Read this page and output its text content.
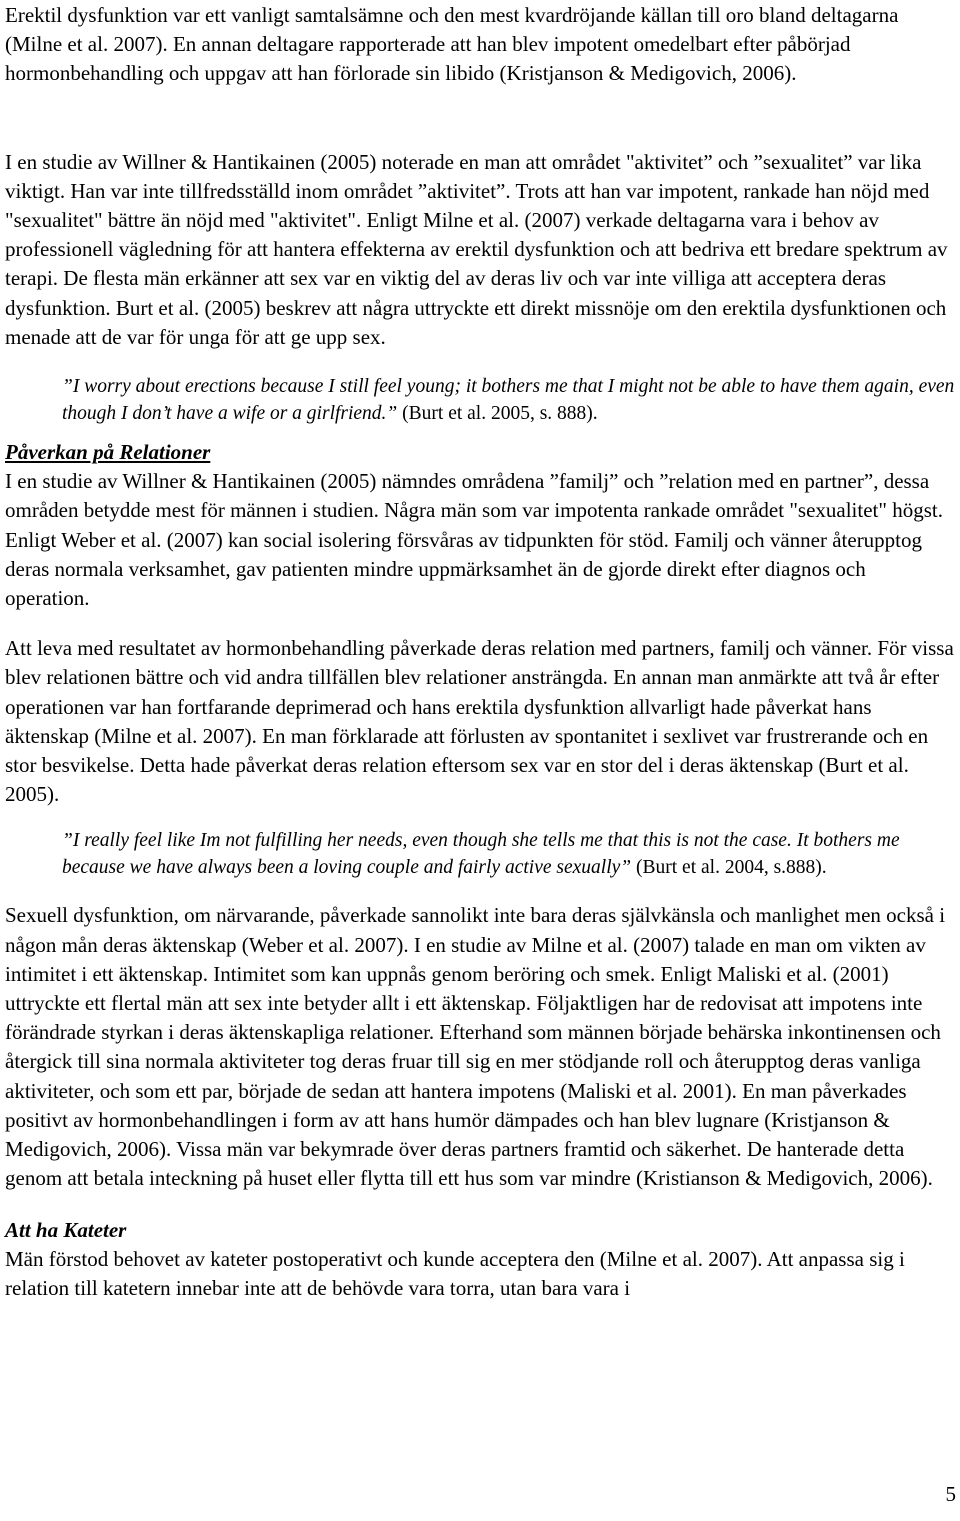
Erektil dysfunktion var ett vanligt samtalsämne och den mest kvardröjande källan till oro bland deltagarna (Milne et al. 2007). En annan deltagare rapporterade att han blev impotent omedelbart efter påbörjad hormonbehandling och uppgav att han förlorade sin libido (Kristjanson & Medigovich, 2006).

I en studie av Willner & Hantikainen (2005) noterade en man att området "aktivitet” och ”sexualitet” var lika viktigt. Han var inte tillfredsställd inom området ”aktivitet”. Trots att han var impotent, rankade han nöjd med "sexualitet" bättre än nöjd med "aktivitet". Enligt Milne et al. (2007) verkade deltagarna vara i behov av professionell vägledning för att hantera effekterna av erektil dysfunktion och att bedriva ett bredare spektrum av terapi. De flesta män erkänner att sex var en viktig del av deras liv och var inte villiga att acceptera deras dysfunktion. Burt et al. (2005) beskrev att några uttryckte ett direkt missnöje om den erektila dysfunktionen och menade att de var för unga för att ge upp sex.

”I worry about erections because I still feel young; it bothers me that I might not be able to have them again, even though I don’t have a wife or a girlfriend.” (Burt et al. 2005, s. 888).

Påverkan på Relationer

I en studie av Willner & Hantikainen (2005) nämndes områdena ”familj” och ”relation med en partner”, dessa områden betydde mest för männen i studien. Några män som var impotenta rankade området "sexualitet" högst. Enligt Weber et al. (2007) kan social isolering försvåras av tidpunkten för stöd. Familj och vänner återupptog deras normala verksamhet, gav patienten mindre uppmärksamhet än de gjorde direkt efter diagnos och operation.

Att leva med resultatet av hormonbehandling påverkade deras relation med partners, familj och vänner. För vissa blev relationen bättre och vid andra tillfällen blev relationer ansträngda. En annan man anmärkte att två år efter operationen var han fortfarande deprimerad och hans erektila dysfunktion allvarligt hade påverkat hans äktenskap (Milne et al. 2007). En man förklarade att förlusten av spontanitet i sexlivet var frustrerande och en stor besvikelse. Detta hade påverkat deras relation eftersom sex var en stor del i deras äktenskap (Burt et al. 2005).

”I really feel like Im not fulfilling her needs, even though she tells me that this is not the case. It bothers me because we have always been a loving couple and fairly active sexually” (Burt et al. 2004, s.888).

Sexuell dysfunktion, om närvarande, påverkade sannolikt inte bara deras självkänsla och manlighet men också i någon mån deras äktenskap (Weber et al. 2007). I en studie av Milne et al. (2007) talade en man om vikten av intimitet i ett äktenskap. Intimitet som kan uppnås genom beröring och smek. Enligt Maliski et al. (2001) uttryckte ett flertal män att sex inte betyder allt i ett äktenskap. Följaktligen har de redovisat att impotens inte förändrade styrkan i deras äktenskapliga relationer. Efterhand som männen började behärska inkontinensen och återgick till sina normala aktiviteter tog deras fruar till sig en mer stödjande roll och återupptog deras vanliga aktiviteter, och som ett par, började de sedan att hantera impotens (Maliski et al. 2001). En man påverkades positivt av hormonbehandlingen i form av att hans humör dämpades och han blev lugnare (Kristjanson & Medigovich, 2006). Vissa män var bekymrade över deras partners framtid och säkerhet. De hanterade detta genom att betala inteckning på huset eller flytta till ett hus som var mindre (Kristianson & Medigovich, 2006).

Att ha Kateter

Män förstod behovet av kateter postoperativt och kunde acceptera den (Milne et al. 2007). Att anpassa sig i relation till katetern innebar inte att de behövde vara torra, utan bara vara i

5
